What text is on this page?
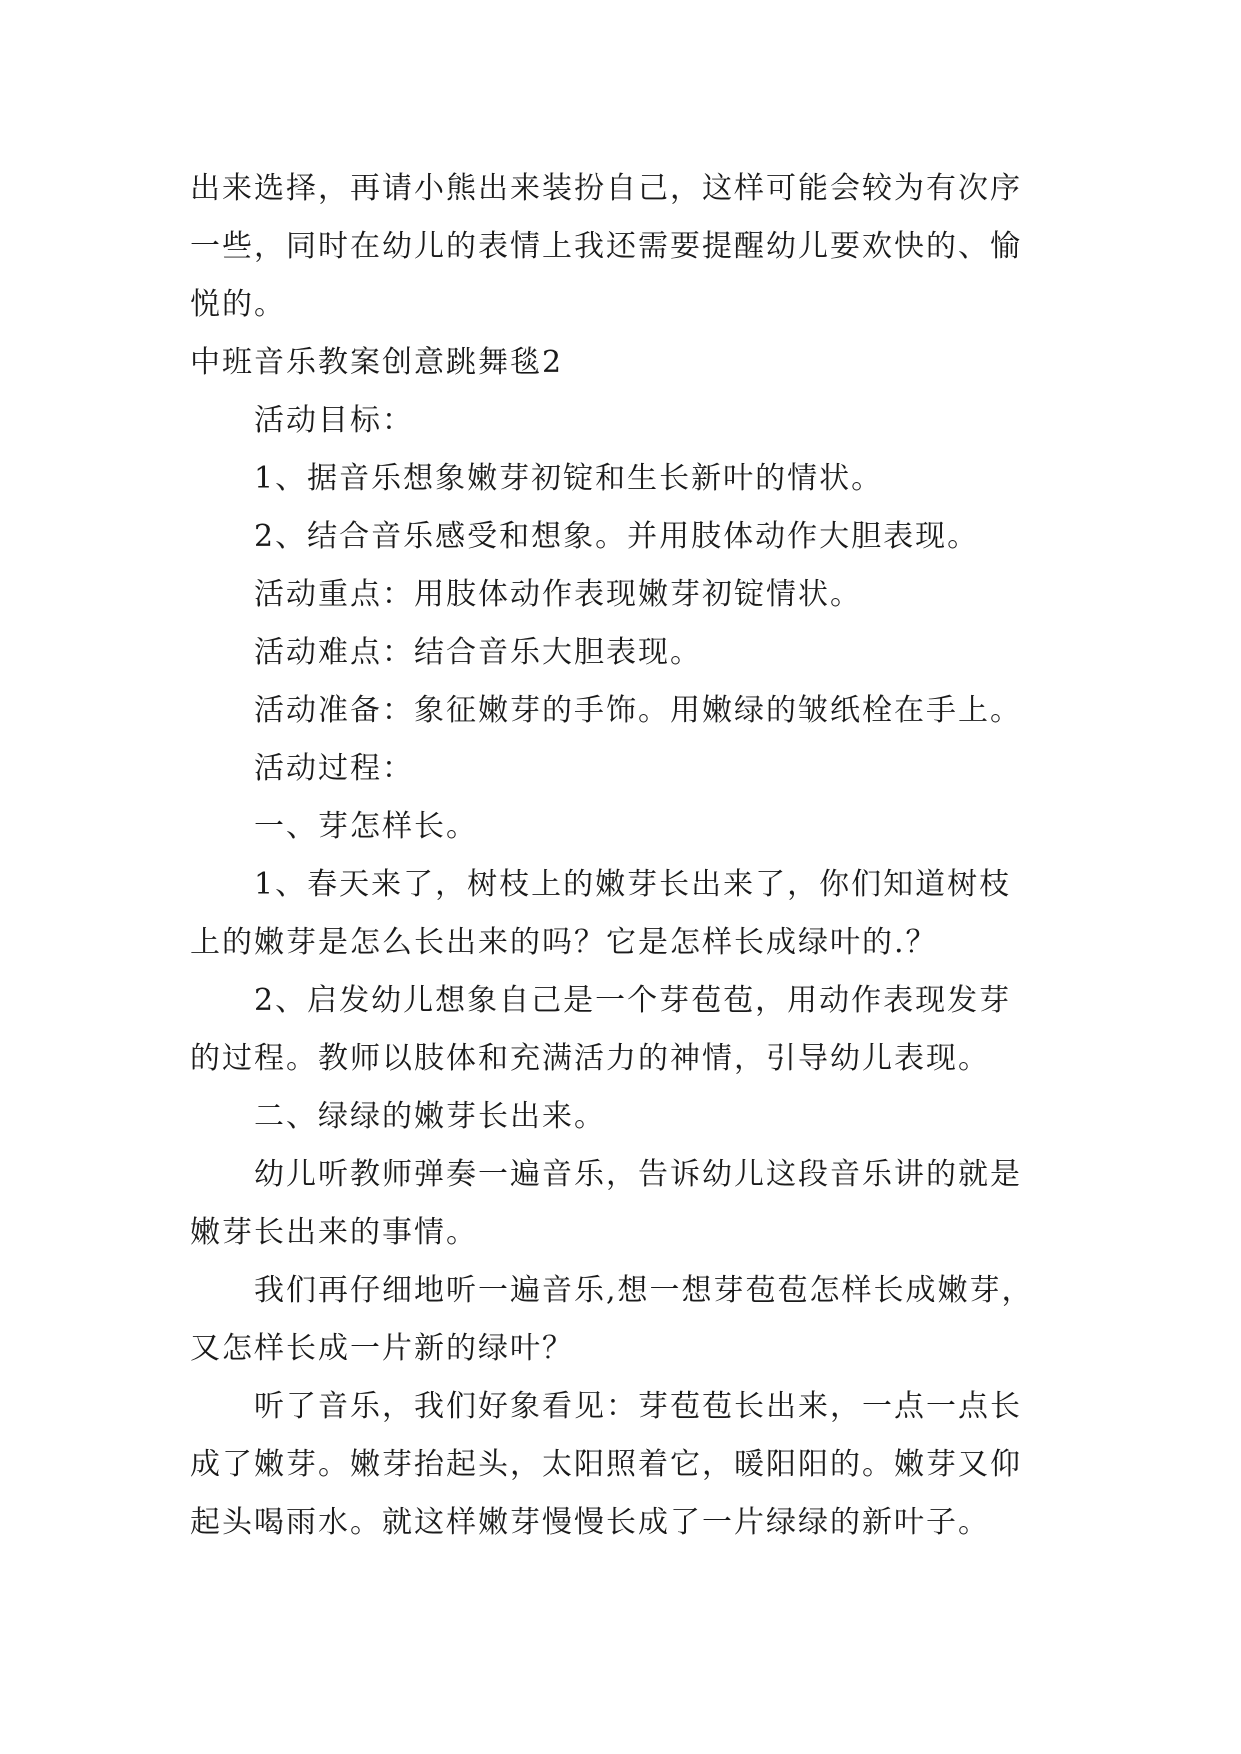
出来选择，再请小熊出来装扮自己，这样可能会较为有次序
一些，同时在幼儿的表情上我还需要提醒幼儿要欢快的、愉
悦的。
中班音乐教案创意跳舞毯2
活动目标：
1、据音乐想象嫩芽初锭和生长新叶的情状。
2、结合音乐感受和想象。并用肢体动作大胆表现。
活动重点：用肢体动作表现嫩芽初锭情状。
活动难点：结合音乐大胆表现。
活动准备：象征嫩芽的手饰。用嫩绿的皱纸栓在手上。
活动过程：
一、芽怎样长。
1、春天来了，树枝上的嫩芽长出来了，你们知道树枝
上的嫩芽是怎么长出来的吗？它是怎样长成绿叶的.？
2、启发幼儿想象自己是一个芽苞苞，用动作表现发芽
的过程。教师以肢体和充满活力的神情，引导幼儿表现。
二、绿绿的嫩芽长出来。
幼儿听教师弹奏一遍音乐，告诉幼儿这段音乐讲的就是
嫩芽长出来的事情。
我们再仔细地听一遍音乐,想一想芽苞苞怎样长成嫩芽，
又怎样长成一片新的绿叶？
听了音乐，我们好象看见：芽苞苞长出来，一点一点长
成了嫩芽。嫩芽抬起头，太阳照着它，暖阳阳的。嫩芽又仰
起头喝雨水。就这样嫩芽慢慢长成了一片绿绿的新叶子。
